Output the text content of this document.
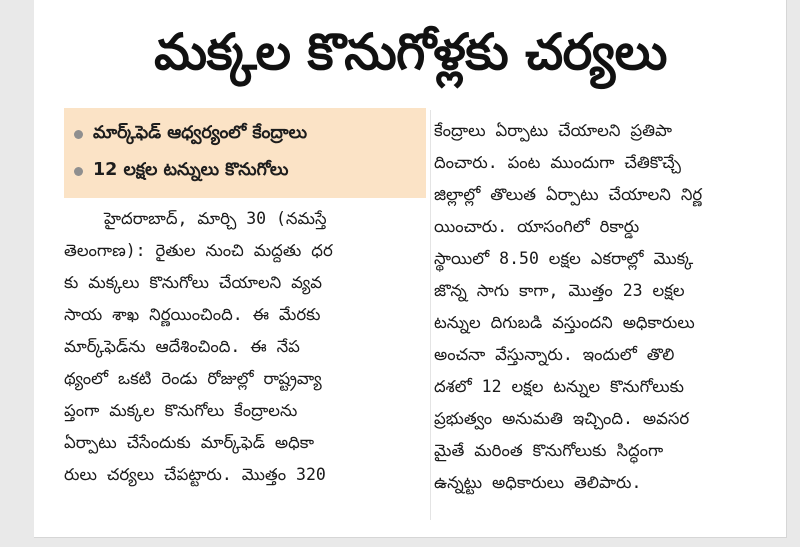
మక్కల కొనుగోళ్లకు చర్యలు
మార్క్‌ఫెడ్ ఆధ్వర్యంలో కేంద్రాలు
12 లక్షల టన్నులు కొనుగోలు
హైదరాబాద్, మార్చి 30 (నమస్తే
తెలంగాణ): రైతుల నుంచి మద్దతు ధర
కు మక్కలు కొనుగోలు చేయాలని వ్యవ
సాయ శాఖ నిర్ణయించింది. ఈ మేరకు
మార్క్‌ఫెడ్‌ను ఆదేశించింది. ఈ నేప
థ్యంలో ఒకటి రెండు రోజుల్లో రాష్ట్రవ్యా
ప్తంగా మక్కల కొనుగోలు కేంద్రాలను
ఏర్పాటు చేసేందుకు మార్క్‌ఫెడ్ అధికా
రులు చర్యలు చేపట్టారు. మొత్తం 320
కేంద్రాలు ఏర్పాటు చేయాలని ప్రతిపా
దించారు. పంట ముందుగా చేతికొచ్చే
జిల్లాల్లో తొలుత ఏర్పాటు చేయాలని నిర్ణ
యించారు. యాసంగిలో రికార్డు
స్థాయిలో 8.50 లక్షల ఎకరాల్లో మొక్క
జొన్న సాగు కాగా, మొత్తం 23 లక్షల
టన్నుల దిగుబడి వస్తుందని అధికారులు
అంచనా వేస్తున్నారు. ఇందులో తొలి
దశలో 12 లక్షల టన్నుల కొనుగోలుకు
ప్రభుత్వం అనుమతి ఇచ్చింది. అవసర
మైతే మరింత కొనుగోలుకు సిద్ధంగా
ఉన్నట్టు అధికారులు తెలిపారు.
